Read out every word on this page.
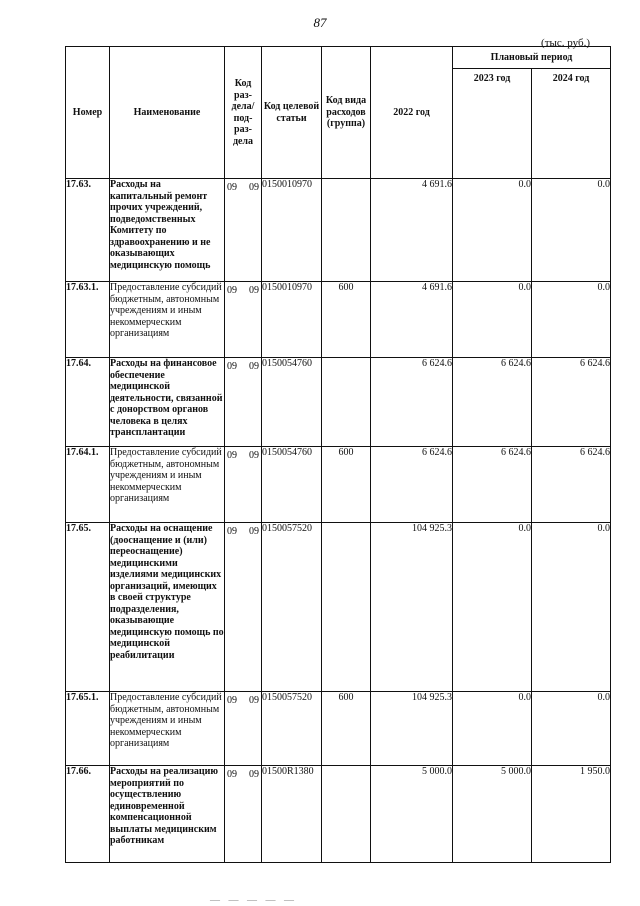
87
(тыс. руб.)
Номер	Наименование	Код раз-дела/ под-раз-дела	Код целевой статьи	Код вида расходов (группа)	2022 год	Плановый период	
						2023 год	2024 год
17.63.	Расходы на капитальный ремонт прочих учреждений, подведомственных Комитету по здравоохранению и не оказывающих медицинскую помощь	09 09	0150010970		4 691.6	0.0	0.0
17.63.1.	Предоставление субсидий бюджетным, автономным учреждениям и иным некоммерческим организациям	09 09	0150010970	600	4 691.6	0.0	0.0
17.64.	Расходы на финансовое обеспечение медицинской деятельности, связанной с донорством органов человека в целях трансплантации	09 09	0150054760		6 624.6	6 624.6	6 624.6
17.64.1.	Предоставление субсидий бюджетным, автономным учреждениям и иным некоммерческим организациям	09 09	0150054760	600	6 624.6	6 624.6	6 624.6
17.65.	Расходы на оснащение (дооснащение и (или) переоснащение) медицинскими изделиями медицинских организаций, имеющих в своей структуре подразделения, оказывающие медицинскую помощь по медицинской реабилитации	09 09	0150057520		104 925.3	0.0	0.0
17.65.1.	Предоставление субсидий бюджетным, автономным учреждениям и иным некоммерческим организациям	09 09	0150057520	600	104 925.3	0.0	0.0
17.66.	Расходы на реализацию мероприятий по осуществлению единовременной компенсационной выплаты медицинским работникам	09 09	01500R1380		5 000.0	5 000.0	1 950.0
— — — — —
